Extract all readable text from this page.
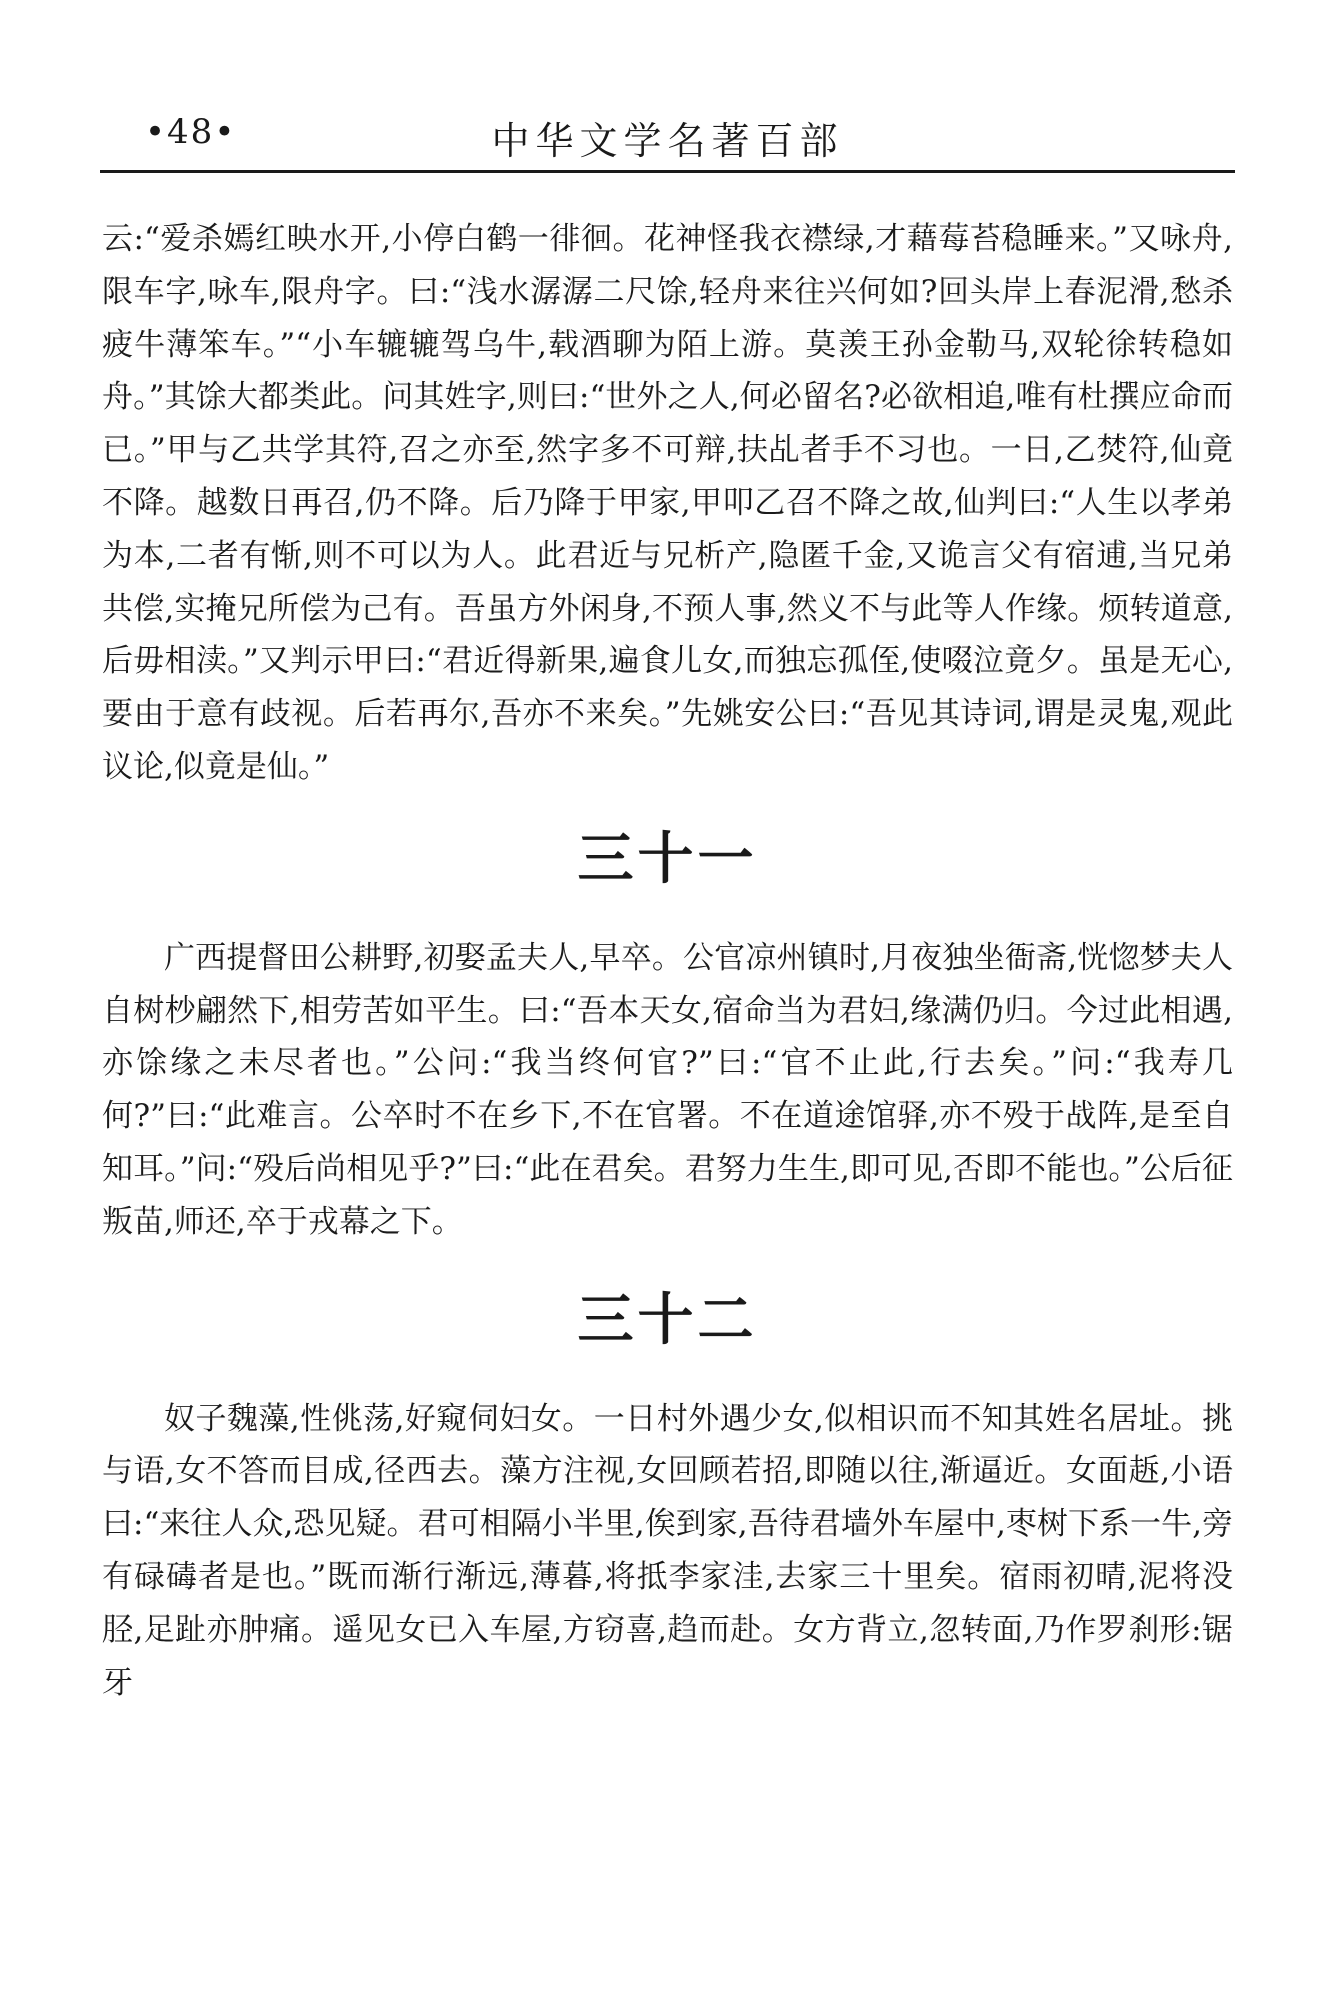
•48•	中华文学名著百部

云:“爱杀嫣红映水开,小停白鹤一徘徊。花神怪我衣襟绿,才藉莓苔稳睡来。”又咏舟,限车字,咏车,限舟字。曰:“浅水潺潺二尺馀,轻舟来往兴何如?回头岸上春泥滑,愁杀疲牛薄笨车。”“小车辘辘驾乌牛,载酒聊为陌上游。莫羡王孙金勒马,双轮徐转稳如舟。”其馀大都类此。问其姓字,则曰:“世外之人,何必留名?必欲相追,唯有杜撰应命而已。”甲与乙共学其符,召之亦至,然字多不可辩,扶乩者手不习也。一日,乙焚符,仙竟不降。越数日再召,仍不降。后乃降于甲家,甲叩乙召不降之故,仙判曰:“人生以孝弟为本,二者有惭,则不可以为人。此君近与兄析产,隐匿千金,又诡言父有宿逋,当兄弟共偿,实掩兄所偿为己有。吾虽方外闲身,不预人事,然义不与此等人作缘。烦转道意,后毋相渎。”又判示甲曰:“君近得新果,遍食儿女,而独忘孤侄,使啜泣竟夕。虽是无心,要由于意有歧视。后若再尔,吾亦不来矣。”先姚安公曰:“吾见其诗词,谓是灵鬼,观此议论,似竟是仙。”

三十一

广西提督田公耕野,初娶孟夫人,早卒。公官凉州镇时,月夜独坐衙斋,恍惚梦夫人自树杪翩然下,相劳苦如平生。曰:“吾本天女,宿命当为君妇,缘满仍归。今过此相遇,亦馀缘之未尽者也。”公问:“我当终何官?”曰:“官不止此,行去矣。”问:“我寿几何?”曰:“此难言。公卒时不在乡下,不在官署。不在道途馆驿,亦不殁于战阵,是至自知耳。”问:“殁后尚相见乎?”曰:“此在君矣。君努力生生,即可见,否即不能也。”公后征叛苗,师还,卒于戎幕之下。

三十二

奴子魏藻,性佻荡,好窥伺妇女。一日村外遇少女,似相识而不知其姓名居址。挑与语,女不答而目成,径西去。藻方注视,女回顾若招,即随以往,渐逼近。女面䞣,小语曰:“来往人众,恐见疑。君可相隔小半里,俟到家,吾待君墙外车屋中,枣树下系一牛,旁有碌碡者是也。”既而渐行渐远,薄暮,将抵李家洼,去家三十里矣。宿雨初晴,泥将没胫,足趾亦肿痛。遥见女已入车屋,方窃喜,趋而赴。女方背立,忽转面,乃作罗刹形:锯牙
